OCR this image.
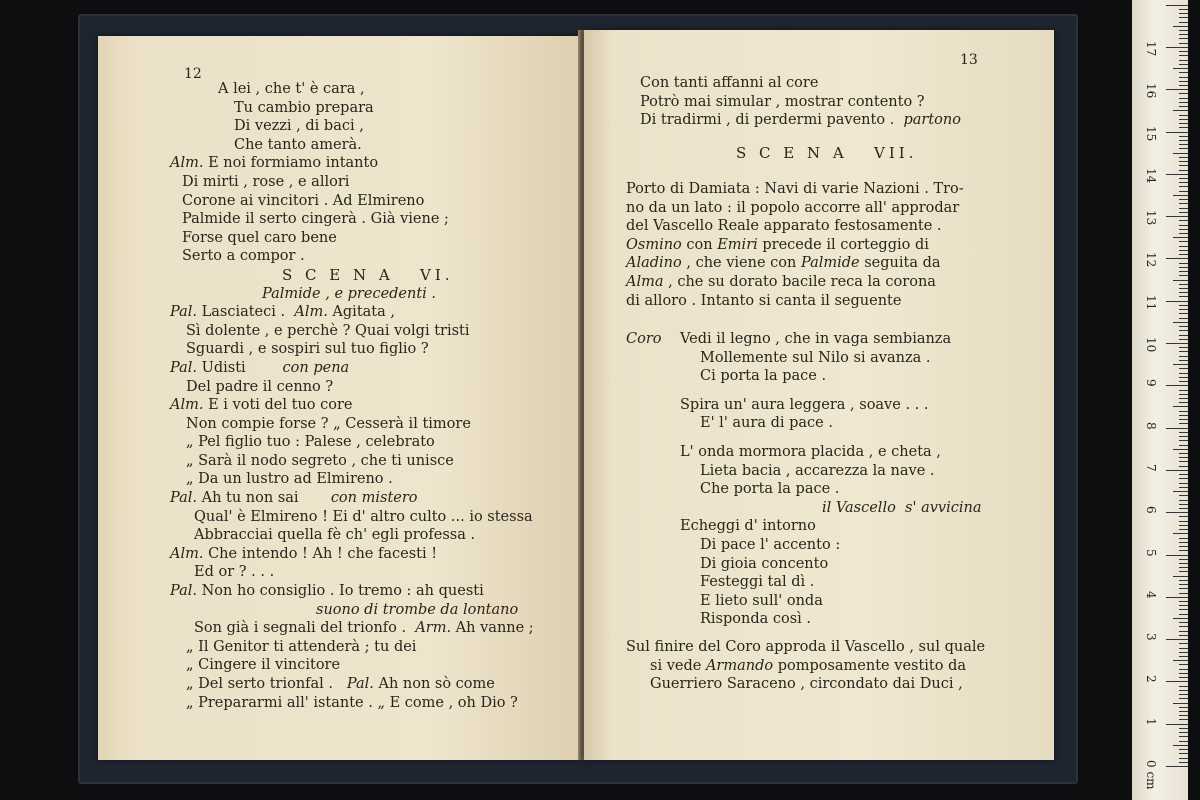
12
A lei , che t' è cara ,
Tu cambio prepara
Di vezzi , di baci ,
Che tanto amerà.
Alm. E noi formiamo intanto
Di mirti , rose , e allori
Corone ai vincitori . Ad Elmireno
Palmide il serto cingerà . Già viene ;
Forse quel caro bene
Serto a compor .
S C E N A   VI.
Palmide , e precedenti .
Pal. Lasciateci .  Alm. Agitata ,
Sì dolente , e perchè ? Quai volgi tristi
Sguardi , e sospiri sul tuo figlio ?
Pal. Udisti        con pena
Del padre il cenno ?
Alm. E i voti del tuo core
Non compie forse ? „ Cesserà il timore
„ Pel figlio tuo : Palese , celebrato
„ Sarà il nodo segreto , che ti unisce
„ Da un lustro ad Elmireno .
Pal. Ah tu non sai       con mistero
Qual' è Elmireno ! Ei d' altro culto ... io stessa
Abbracciai quella fè ch' egli professa .
Alm. Che intendo ! Ah ! che facesti !
Ed or ? . . .
Pal. Non ho consiglio . Io tremo : ah questi
suono di trombe da lontano
Son già i segnali del trionfo .  Arm. Ah vanne ;
„ Il Genitor ti attenderà ; tu dei
„ Cingere il vincitore
„ Del serto trionfal .   Pal. Ah non sò come
„ Prepararmi all' istante . „ E come , oh Dio ?
13
Con tanti affanni al core
Potrò mai simular , mostrar contento ?
Di tradirmi , di perdermi pavento .  partono
S C E N A   VII.
Porto di Damiata : Navi di varie Nazioni . Tro-
no da un lato : il popolo accorre all' approdar
del Vascello Reale apparato festosamente .
Osmino con Emiri precede il corteggio di
Aladino , che viene con Palmide seguita da
Alma , che su dorato bacile reca la corona
di alloro . Intanto si canta il seguente
Coro Vedi il legno , che in vaga sembianza
Mollemente sul Nilo si avanza .
Ci porta la pace .
Spira un' aura leggera , soave . . .
E' l' aura di pace .
L' onda mormora placida , e cheta ,
Lieta bacia , accarezza la nave .
Che porta la pace .
il Vascello  s' avvicina
Echeggi d' intorno
Di pace l' accento :
Di gioia concento
Festeggi tal dì .
E lieto sull' onda
Risponda così .
Sul finire del Coro approda il Vascello , sul quale
si vede Armando pomposamente vestito da
Guerriero Saraceno , circondato dai Duci ,
17
16
15
14
13
12
11
10
9
8
7
6
5
4
3
2
1
0 cm
